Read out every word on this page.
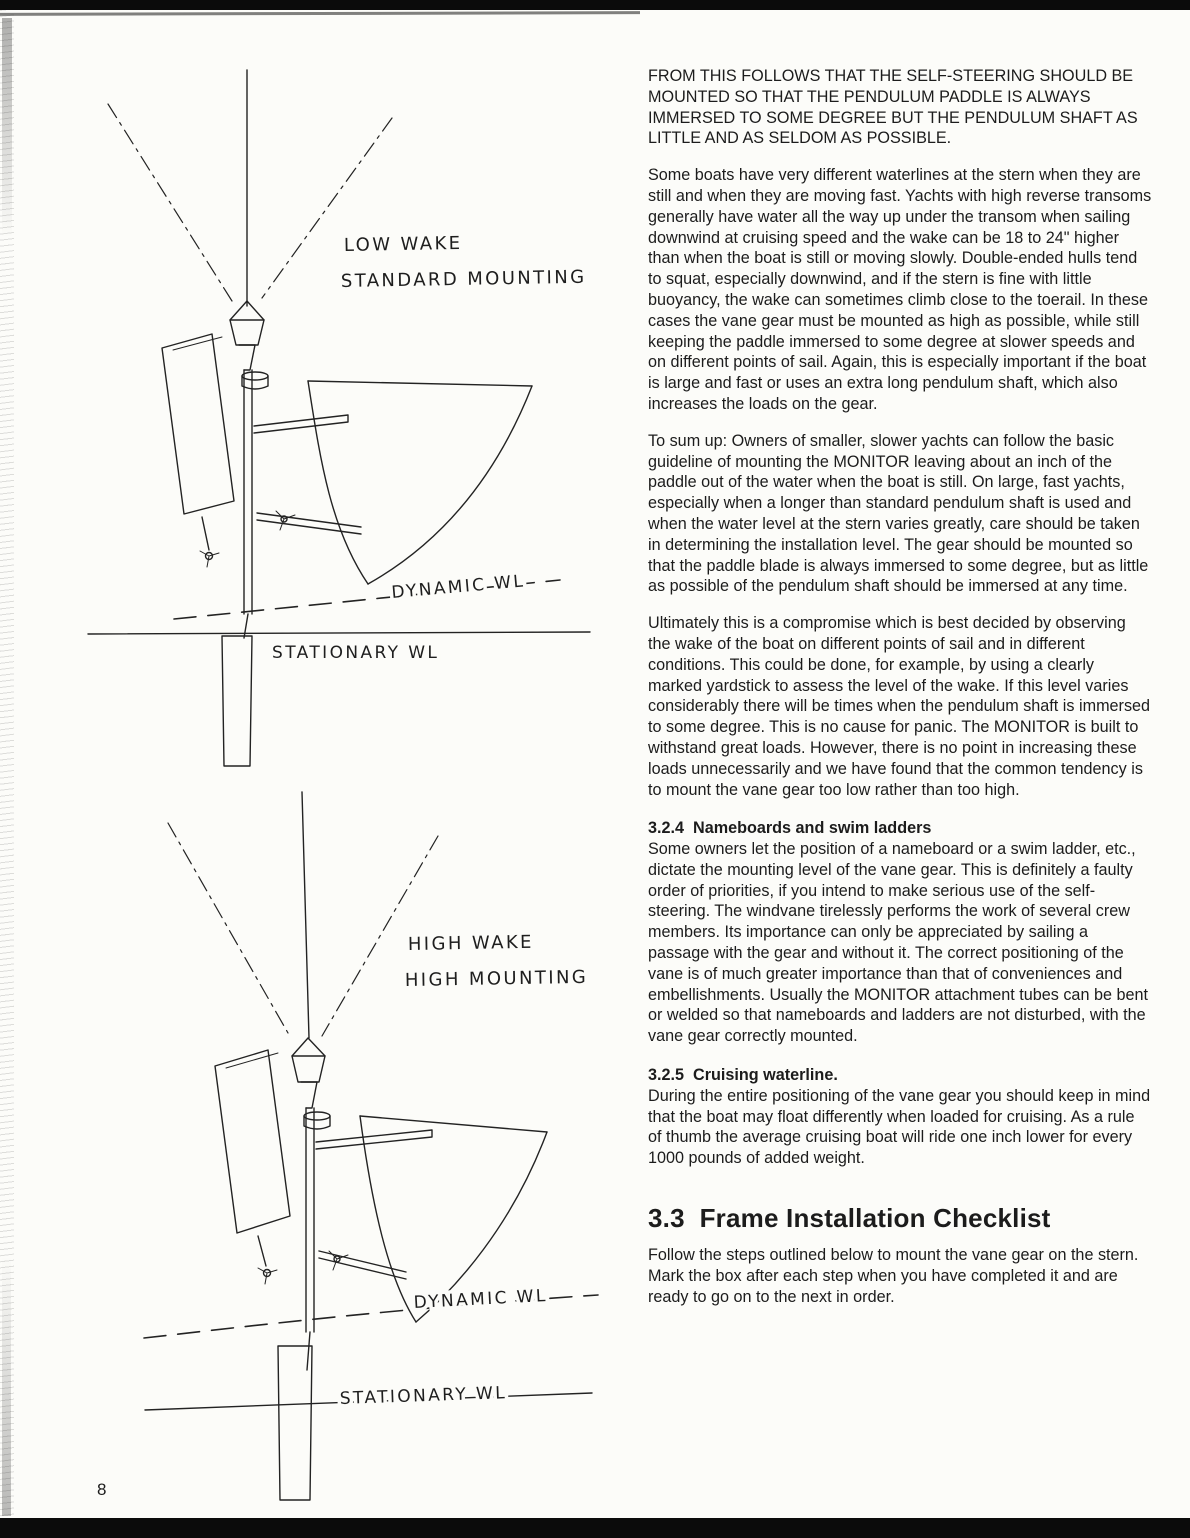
LOW WAKE
STANDARD MOUNTING
DYNAMIC WL
STATIONARY WL
HIGH WAKE
HIGH MOUNTING
DYNAMIC WL
STATIONARY WL

FROM THIS FOLLOWS THAT THE SELF-STEERING SHOULD BE MOUNTED SO THAT THE PENDULUM PADDLE IS ALWAYS IMMERSED TO SOME DEGREE BUT THE PENDULUM SHAFT AS LITTLE AND AS SELDOM AS POSSIBLE.

Some boats have very different waterlines at the stern when they are still and when they are moving fast. Yachts with high reverse transoms generally have water all the way up under the transom when sailing downwind at cruising speed and the wake can be 18 to 24" higher than when the boat is still or moving slowly. Double-ended hulls tend to squat, especially downwind, and if the stern is fine with little buoyancy, the wake can sometimes climb close to the toerail. In these cases the vane gear must be mounted as high as possible, while still keeping the paddle immersed to some degree at slower speeds and on different points of sail. Again, this is especially important if the boat is large and fast or uses an extra long pendulum shaft, which also increases the loads on the gear.

To sum up: Owners of smaller, slower yachts can follow the basic guideline of mounting the MONITOR leaving about an inch of the paddle out of the water when the boat is still. On large, fast yachts, especially when a longer than standard pendulum shaft is used and when the water level at the stern varies greatly, care should be taken in determining the installation level. The gear should be mounted so that the paddle blade is always immersed to some degree, but as little as possible of the pendulum shaft should be immersed at any time.

Ultimately this is a compromise which is best decided by observing the wake of the boat on different points of sail and in different conditions. This could be done, for example, by using a clearly marked yardstick to assess the level of the wake. If this level varies considerably there will be times when the pendulum shaft is immersed to some degree. This is no cause for panic. The MONITOR is built to withstand great loads. However, there is no point in increasing these loads unnecessarily and we have found that the common tendency is to mount the vane gear too low rather than too high.

3.2.4  Nameboards and swim ladders

Some owners let the position of a nameboard or a swim ladder, etc., dictate the mounting level of the vane gear. This is definitely a faulty order of priorities, if you intend to make serious use of the self-steering. The windvane tirelessly performs the work of several crew members. Its importance can only be appreciated by sailing a passage with the gear and without it. The correct positioning of the vane is of much greater importance than that of conveniences and embellishments. Usually the MONITOR attachment tubes can be bent or welded so that nameboards and ladders are not disturbed, with the vane gear correctly mounted.

3.2.5  Cruising waterline.

During the entire positioning of the vane gear you should keep in mind that the boat may float differently when loaded for cruising. As a rule of thumb the average cruising boat will ride one inch lower for every 1000 pounds of added weight.

3.3  Frame Installation Checklist

Follow the steps outlined below to mount the vane gear on the stern. Mark the box after each step when you have completed it and are ready to go on to the next in order.

8
